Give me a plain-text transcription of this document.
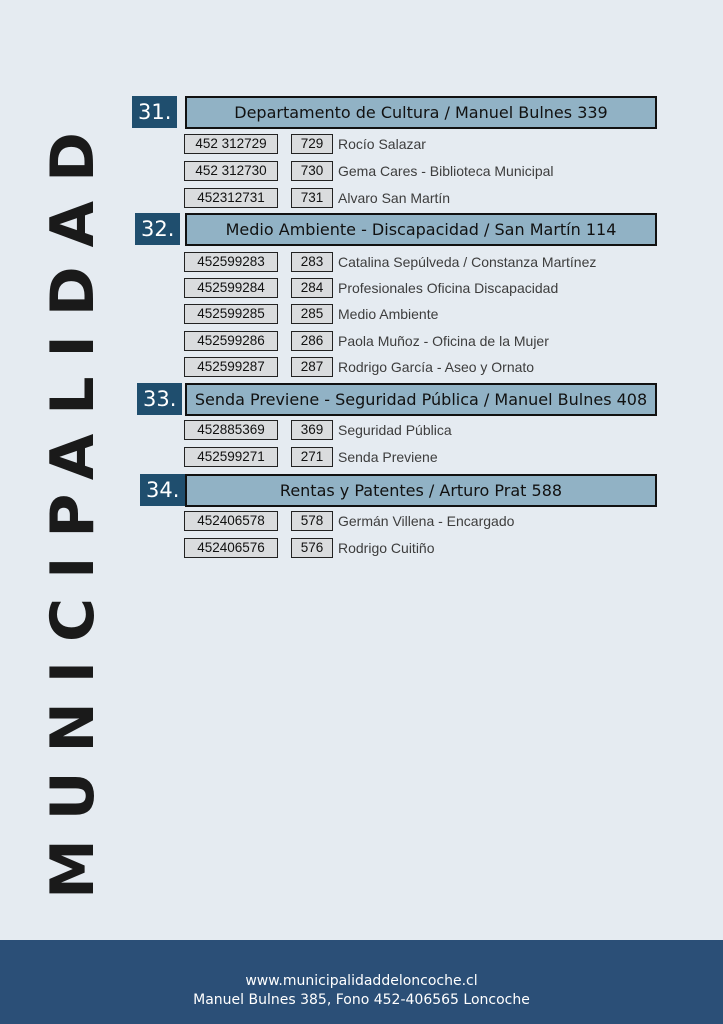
MUNICIPALIDAD
31.	Departamento de Cultura / Manuel Bulnes 339
452 312729	729	Rocío Salazar
452 312730	730	Gema Cares - Biblioteca Municipal
452312731	731	Alvaro San Martín
32.	Medio Ambiente - Discapacidad / San Martín 114
452599283	283	Catalina Sepúlveda / Constanza Martínez
452599284	284	Profesionales Oficina Discapacidad
452599285	285	Medio Ambiente
452599286	286	Paola Muñoz - Oficina de la Mujer
452599287	287	Rodrigo García - Aseo y Ornato
33.	Senda Previene - Seguridad Pública / Manuel Bulnes 408
452885369	369	Seguridad Pública
452599271	271	Senda Previene
34.	Rentas y Patentes / Arturo Prat 588
452406578	578	Germán Villena - Encargado
452406576	576	Rodrigo Cuitiño
www.municipalidaddeloncoche.cl
Manuel Bulnes 385, Fono 452-406565 Loncoche
